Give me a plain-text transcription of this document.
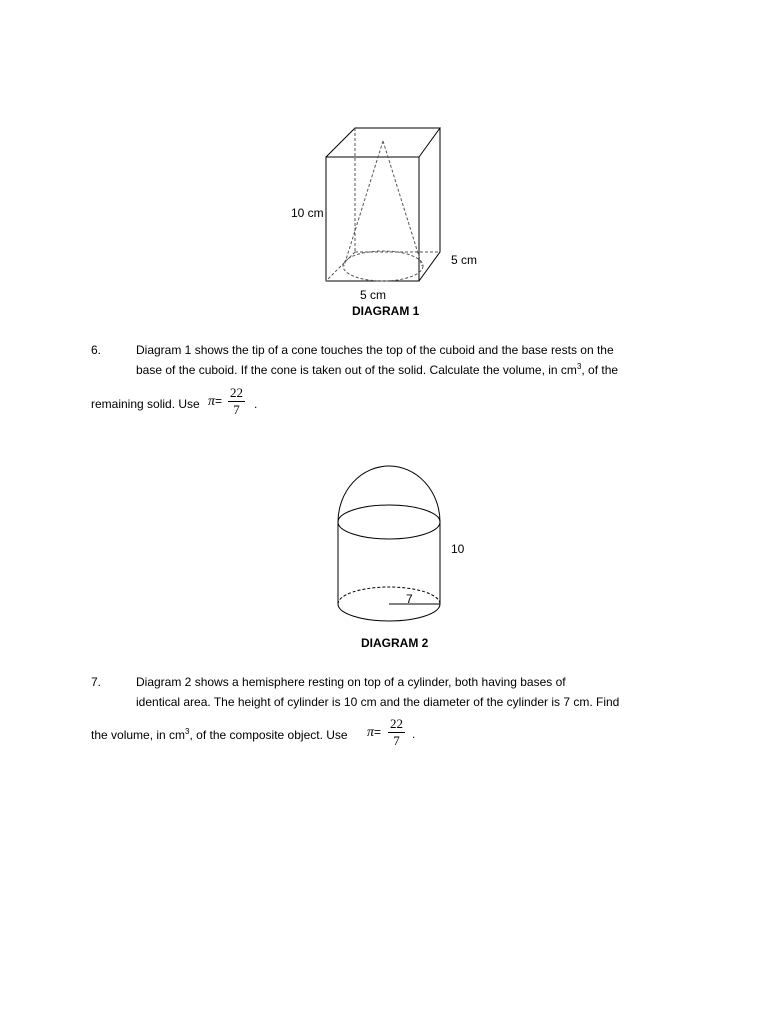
10 cm
5 cm
5 cm
DIAGRAM 1
6.	Diagram 1 shows the tip of a cone touches the top of the cuboid and the base rests on the
base of the cuboid. If the cone is taken out of the solid. Calculate the volume, in $cm^3$, of the
remaining solid. Use $\pi= \frac{22}{7}$ .
10
7
DIAGRAM 2
7.	Diagram 2 shows a hemisphere resting on top of a cylinder, both having bases of
identical area. The height of cylinder is 10 cm and the diameter of the cylinder is 7 cm. Find
the volume, in $cm^3$, of the composite object. Use $\pi= \frac{22}{7}$ .
